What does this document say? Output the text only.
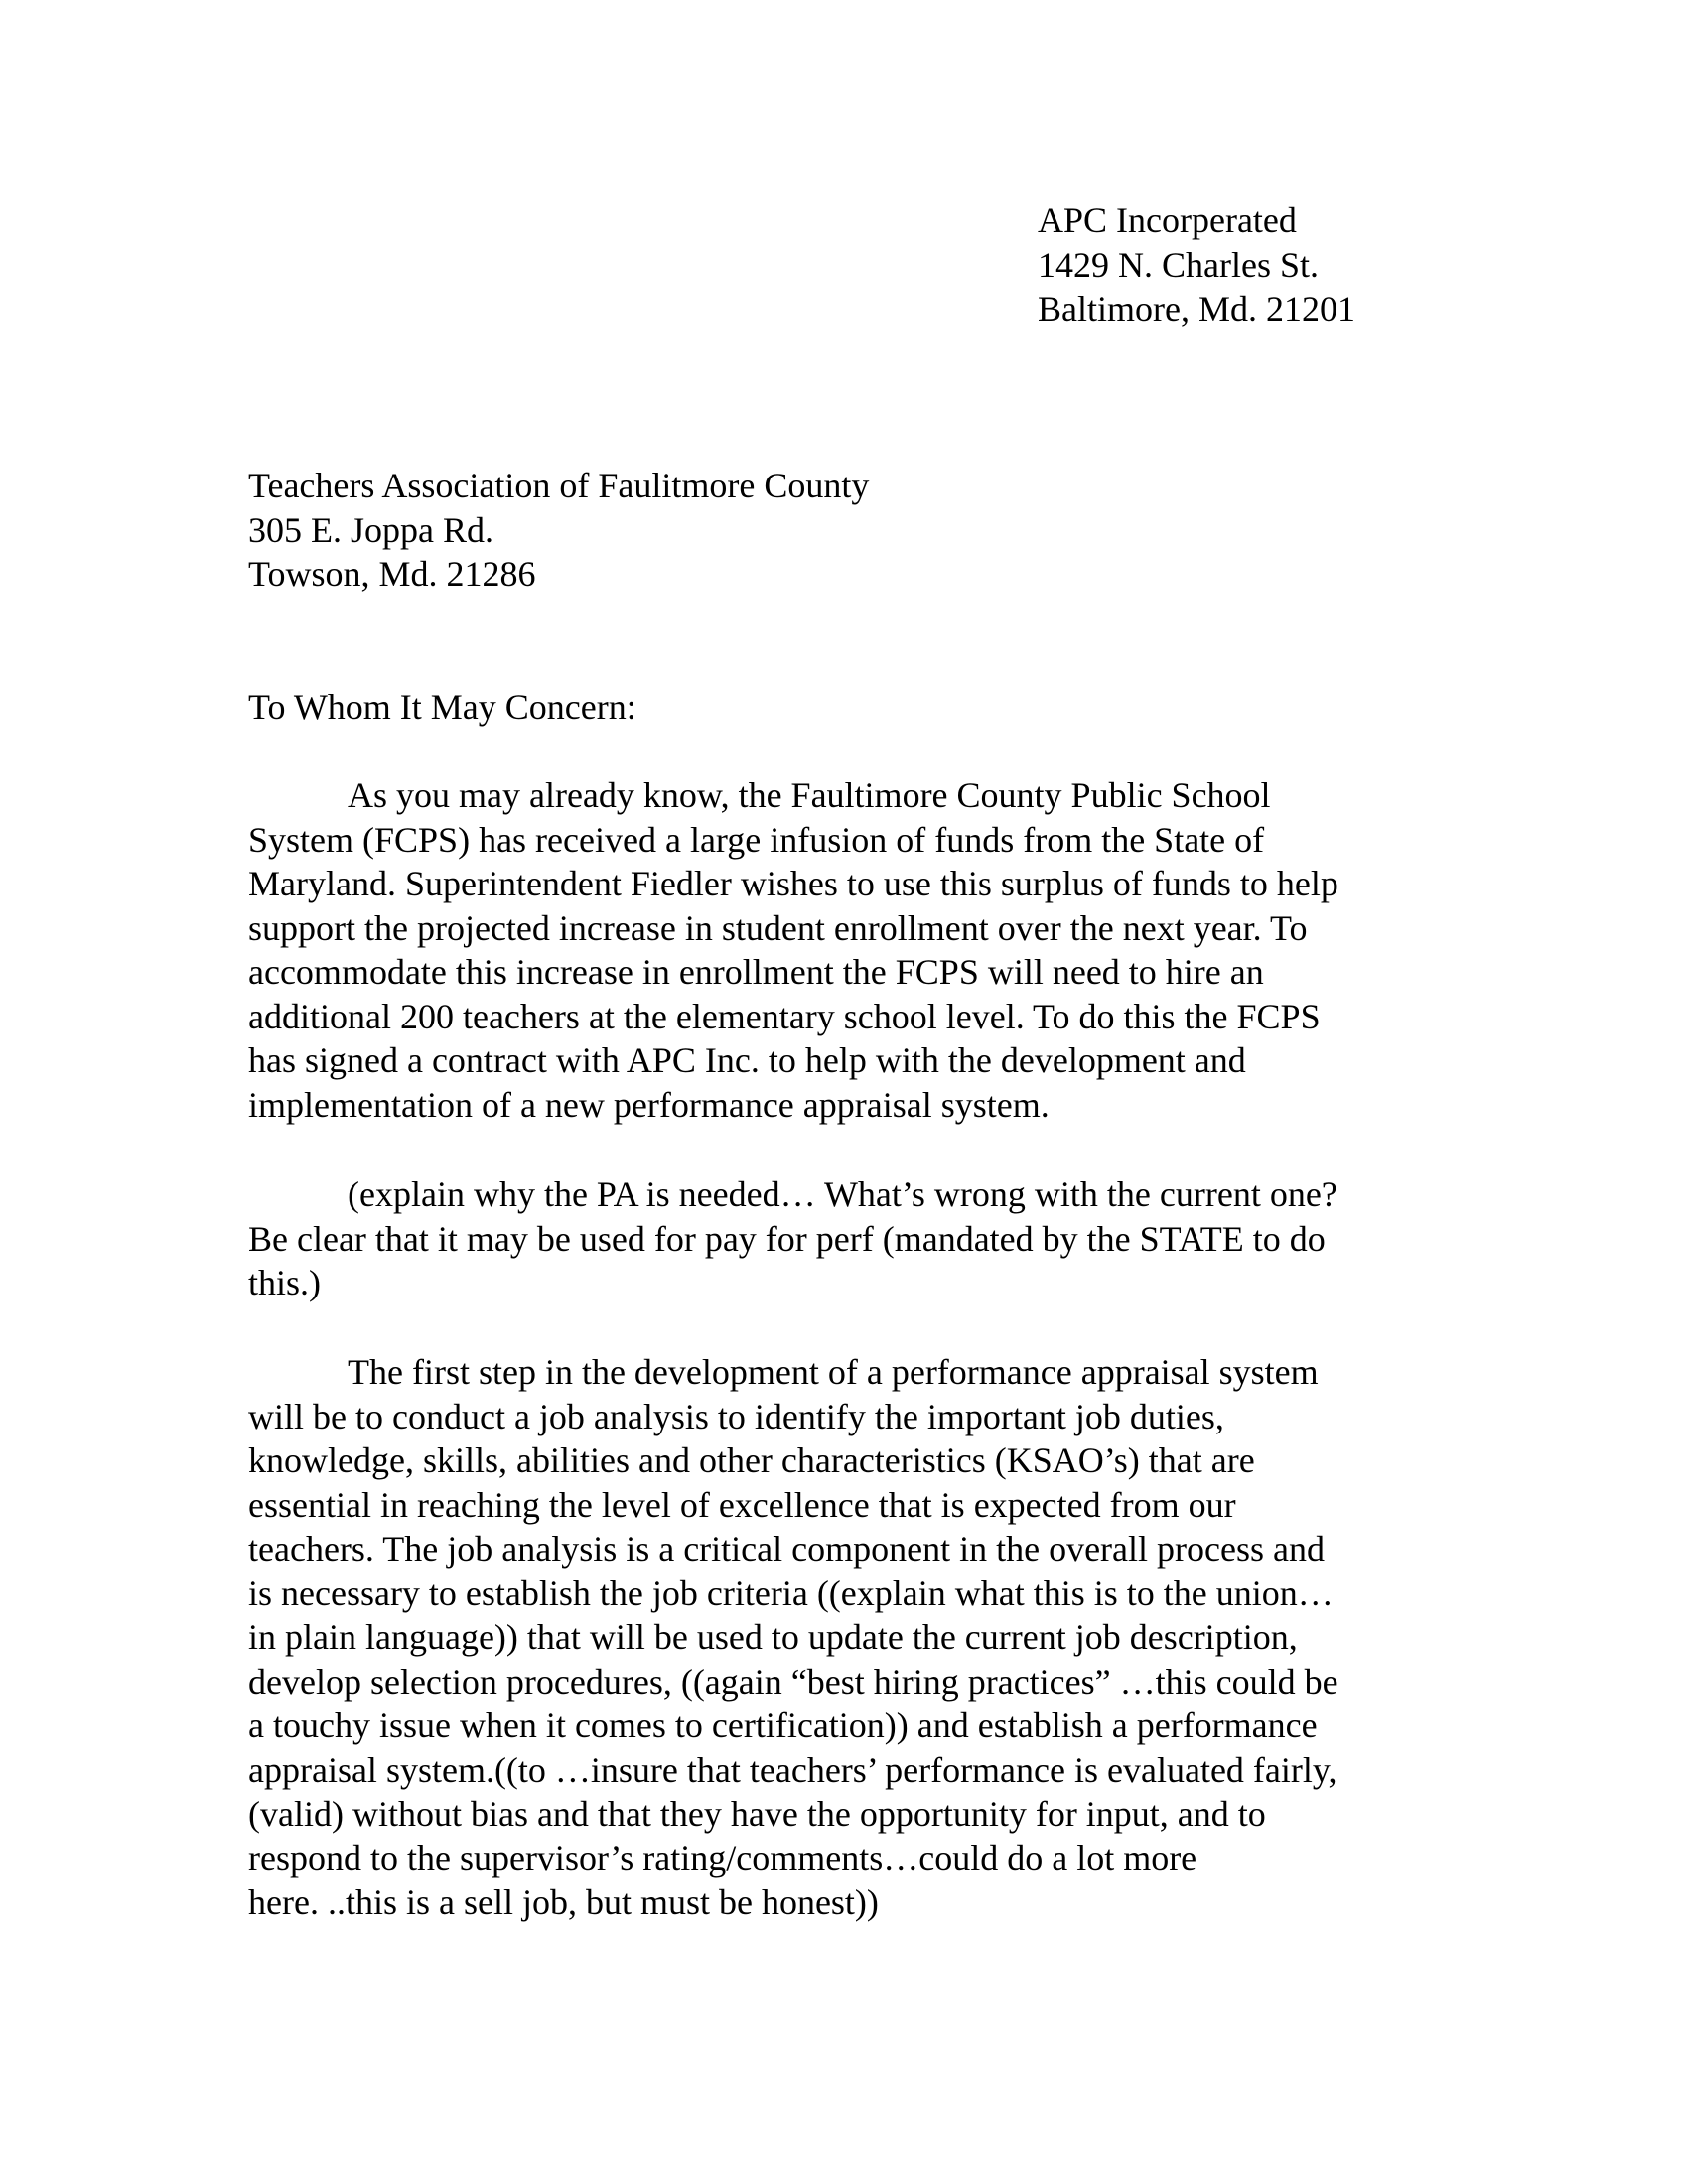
APC Incorperated
1429 N. Charles St.
Baltimore, Md. 21201
Teachers Association of Faulitmore County
305 E. Joppa Rd.
Towson, Md. 21286
To Whom It May Concern:
As you may already know, the Faultimore County Public School
System (FCPS) has received a large infusion of funds from the State of
Maryland. Superintendent Fiedler wishes to use this surplus of funds to help
support the projected increase in student enrollment over the next year. To
accommodate this increase in enrollment the FCPS will need to hire an
additional 200 teachers at the elementary school level. To do this the FCPS
has signed a contract with APC Inc. to help with the development and
implementation of a new performance appraisal system.
(explain why the PA is needed… What’s wrong with the current one?
Be clear that it may be used for pay for perf (mandated by the STATE to do
this.)
The first step in the development of a performance appraisal system
will be to conduct a job analysis to identify the important job duties,
knowledge, skills, abilities and other characteristics (KSAO’s) that are
essential in reaching the level of excellence that is expected from our
teachers. The job analysis is a critical component in the overall process and
is necessary to establish the job criteria ((explain what this is to the union…
in plain language)) that will be used to update the current job description,
develop selection procedures, ((again “best hiring practices” …this could be
a touchy issue when it comes to certification)) and establish a performance
appraisal system.((to …insure that teachers’ performance is evaluated fairly,
(valid) without bias and that they have the opportunity for input, and to
respond to the supervisor’s rating/comments…could do a lot more
here. ..this is a sell job, but must be honest))
